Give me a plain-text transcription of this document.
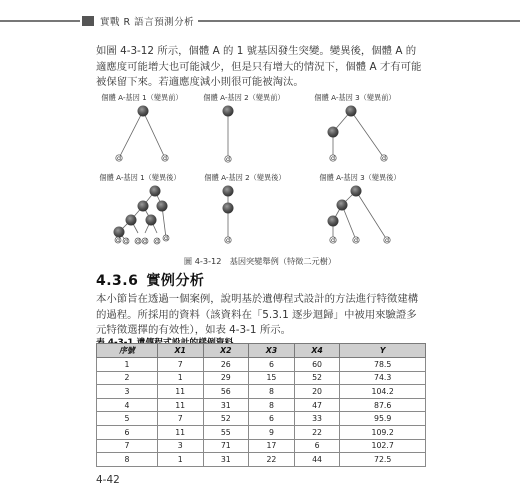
實戰 R 語言預測分析

如圖 4-3-12 所示，個體 A 的 1 號基因發生突變。變異後，個體 A 的適應度可能增大也可能減少，但是只有增大的情況下，個體 A 才有可能被保留下來。若適應度減小則很可能被淘汰。

個體 A-基因 1（變異前）	個體 A-基因 2（變異前）	個體 A-基因 3（變異前）
個體 A-基因 1（變異後）	個體 A-基因 2（變異後）	個體 A-基因 3（變異後）
d	d	d	d	d
d d d d d d	d	d	d	d
圖 4-3-12　基因突變舉例（特徵二元樹）
4.3.6 實例分析

本小節旨在透過一個案例，說明基於遺傳程式設計的方法進行特徵建構的過程。所採用的資料（該資料在「5.3.1 逐步迴歸」中被用來驗證多元特徵選擇的有效性），如表 4-3-1 所示。

序號	X1	X2	X3	X4	Y
1	7	26	6	60	78.5
2	1	29	15	52	74.3
3	11	56	8	20	104.2
4	11	31	8	47	87.6
5	7	52	6	33	95.9
6	11	55	9	22	109.2
7	3	71	17	6	102.7
8	1	31	22	44	72.5
4-42
